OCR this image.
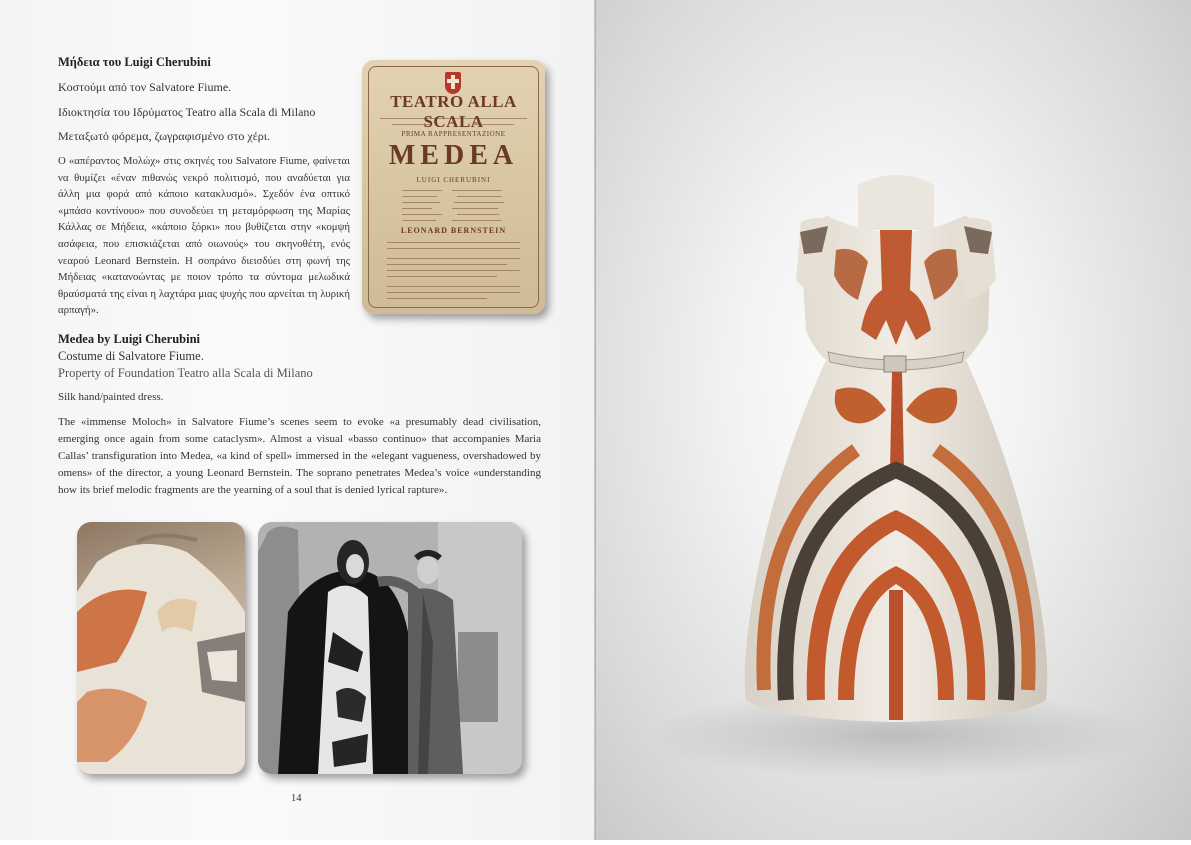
Μήδεια του Luigi Cherubini
Κοστούμι από τον Salvatore Fiume.
Ιδιοκτησία του Ιδρύματος Teatro alla Scala di Milano
Μεταξωτό φόρεμα, ζωγραφισμένο στο χέρι.
Ο «απέραντος Μολώχ» στις σκηνές του Salvatore Fiume, φαίνεται να θυμίζει «έναν πιθανώς νεκρό πολιτισμό, που αναδύεται για άλλη μια φορά από κάποιο κατακλυσμό». Σχεδόν ένα οπτικό «μπάσο κοντίνουο» που συνοδεύει τη μεταμόρφωση της Μαρίας Κάλλας σε Μήδεια, «κάποιο ξόρκι» που βυθίζεται στην «κομψή ασάφεια, που επισκιάζεται από οιωνούς» του σκηνοθέτη, ενός νεαρού Leonard Bernstein. Η σοπράνο διεισδύει στη φωνή της Μήδειας «κατανοώντας με ποιον τρόπο τα σύντομα μελωδικά θραύσματά της είναι η λαχτάρα μιας ψυχής που αρνείται τη λυρική αρπαγή».
TEATRO ALLA SCALA
PRIMA RAPPRESENTAZIONE
MEDEA
LUIGI CHERUBINI
LEONARD BERNSTEIN
Medea by Luigi Cherubini
Costume di Salvatore Fiume.
Property of Foundation Teatro alla Scala di Milano
Silk hand/painted dress.
The «immense Moloch» in Salvatore Fiume’s scenes seem to evoke «a presumably dead civilisation, emerging once again from some cataclysm». Almost a visual «basso continuo» that accompanies Maria Callas’ transfiguration into Medea, «a kind of spell» immersed in the «elegant vagueness, overshadowed by omens» of the director, a young Leonard Bernstein. The soprano penetrates Medea’s voice «understanding how its brief melodic fragments are the yearning of a soul that is denied lyrical rapture».
14
